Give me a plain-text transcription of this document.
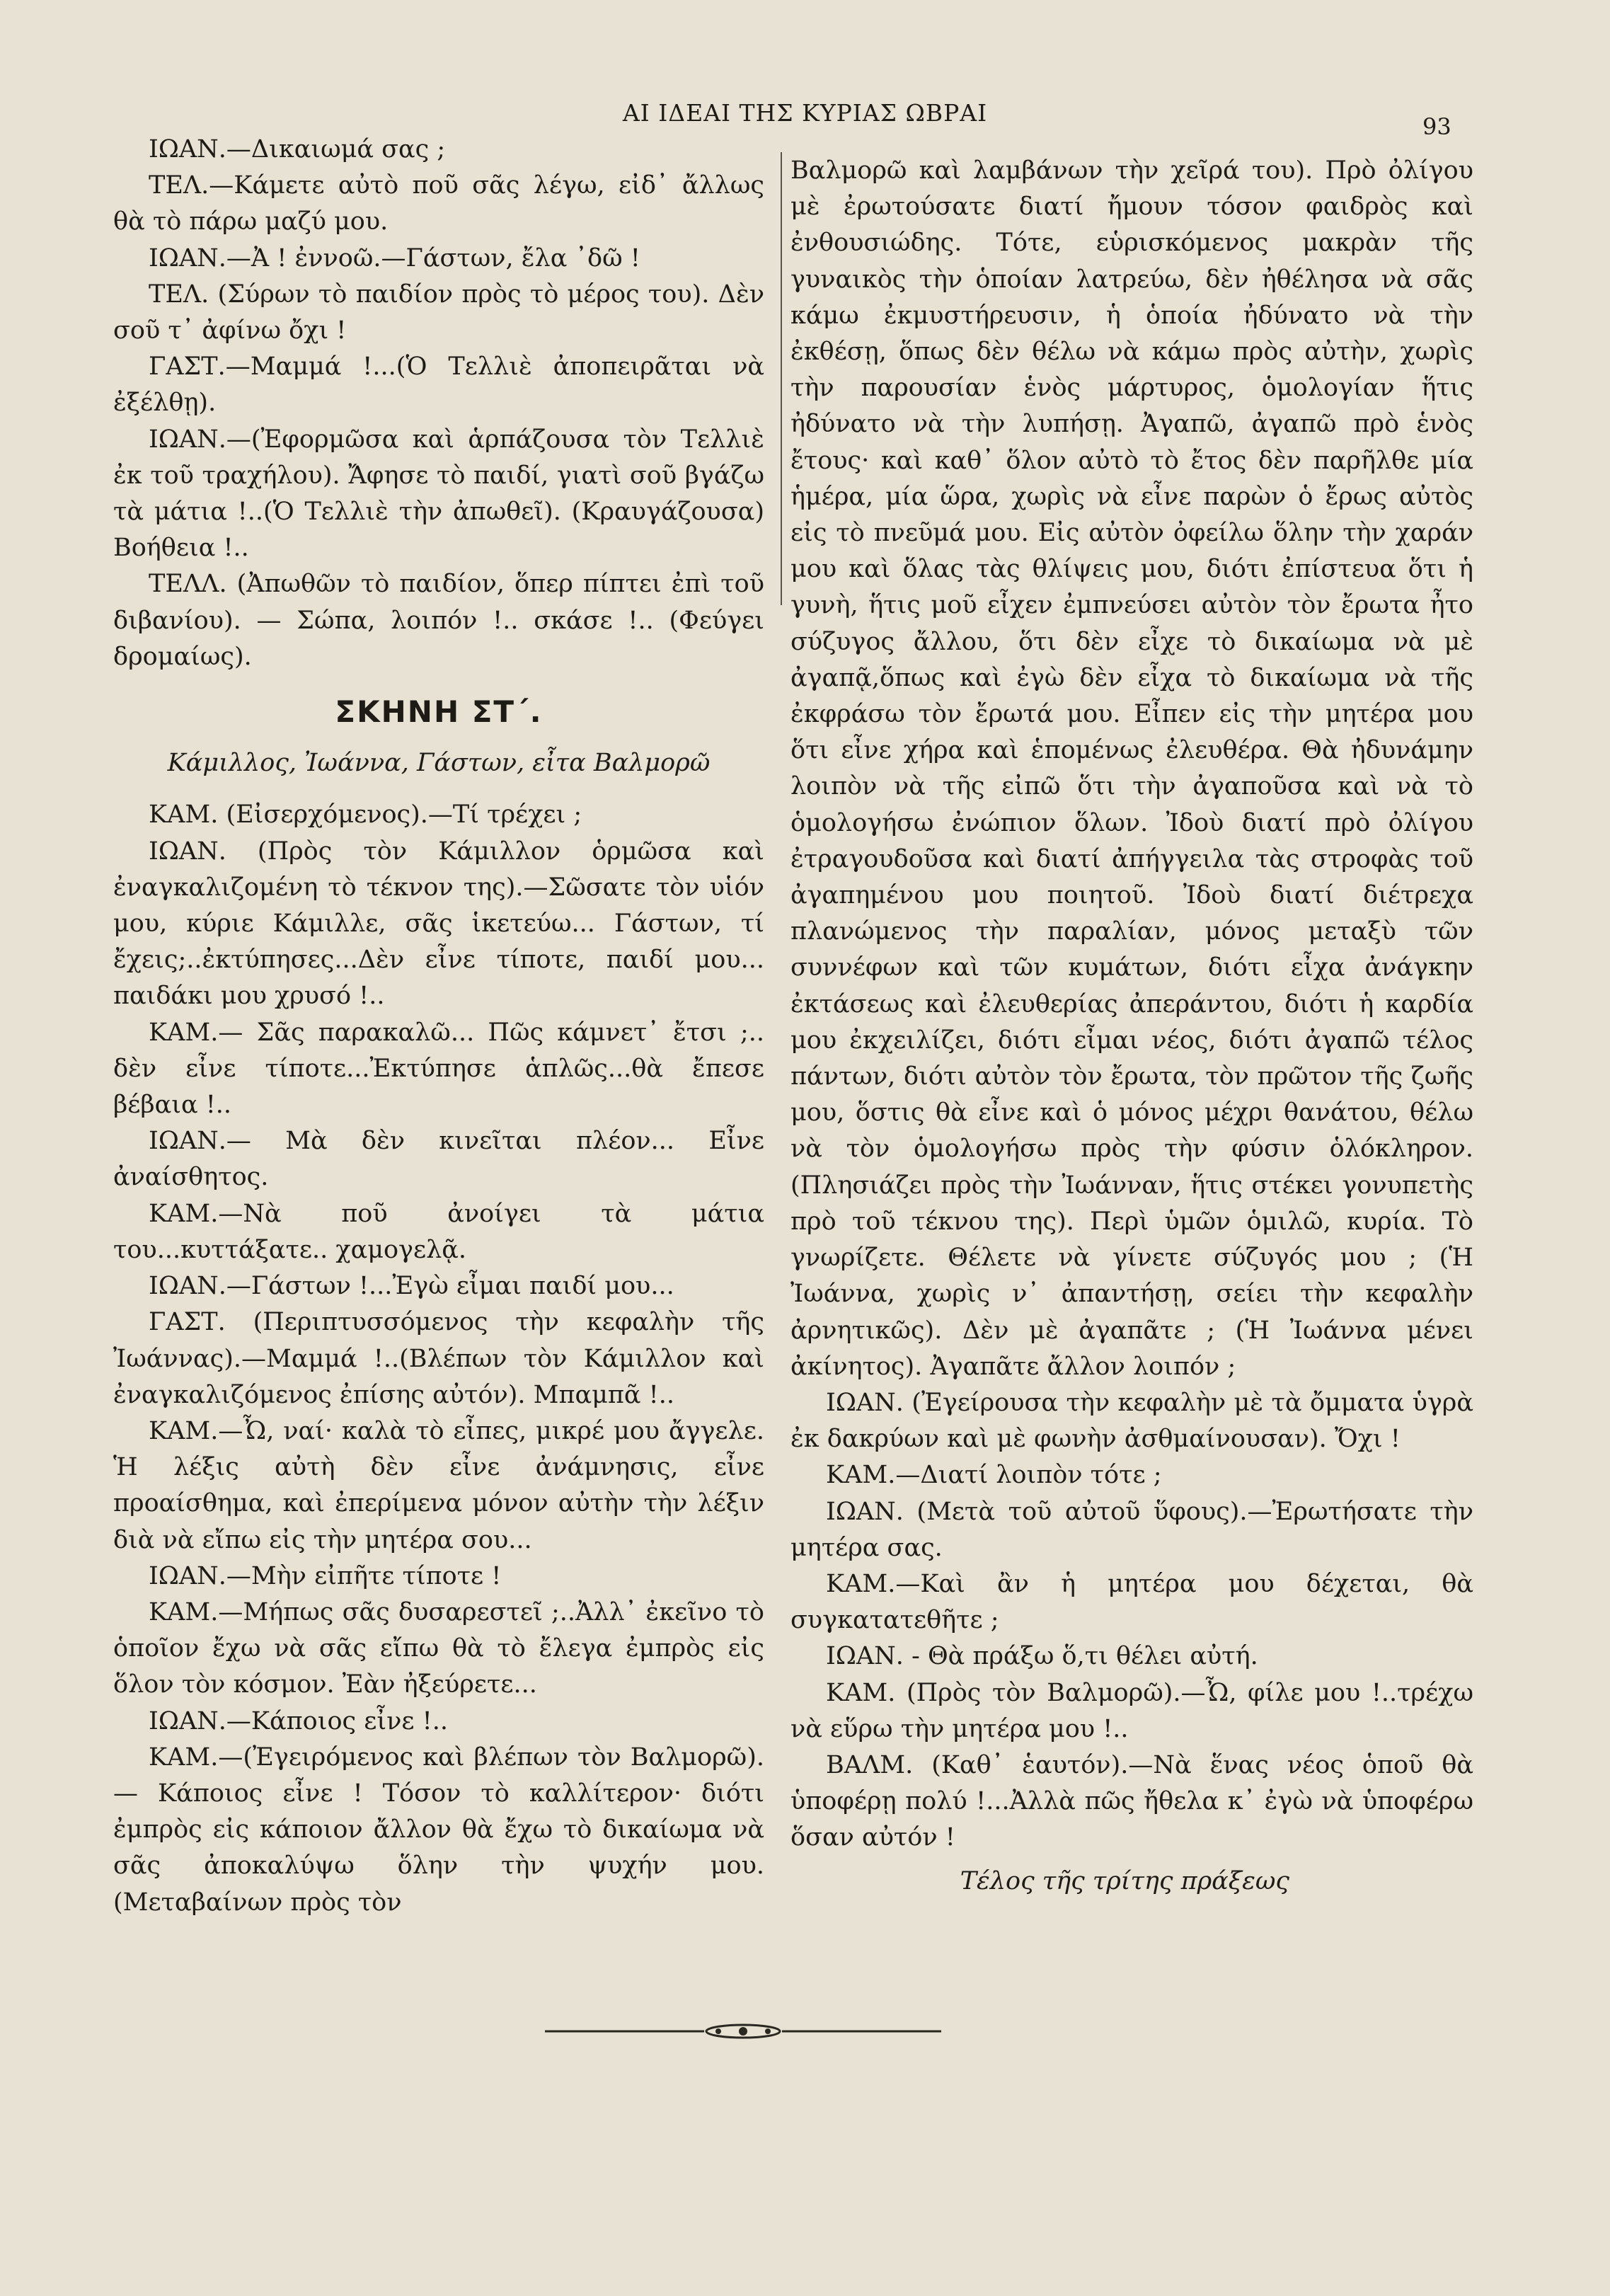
ΑΙ ΙΔΕΑΙ ΤΗΣ ΚΥΡΙΑΣ ΩΒΡΑΙ	93

ΙΩΑΝ.—Δικαιωμά σας ;

ΤΕΛ.—Κάμετε αὐτὸ ποῦ σᾶς λέγω, εἰδ᾽ ἄλλως θὰ τὸ πάρω μαζύ μου.

ΙΩΑΝ.—Ἀ ! ἐννοῶ.—Γάστων, ἔλα ᾽δῶ !

ΤΕΛ. (Σύρων τὸ παιδίον πρὸς τὸ μέρος του). Δὲν σοῦ τ᾽ ἀφίνω ὄχι !

ΓΑΣΤ.—Μαμμά !...(Ὁ Τελλιὲ ἀποπειρᾶται νὰ ἐξέλθῃ).

ΙΩΑΝ.—(Ἐφορμῶσα καὶ ἁρπάζουσα τὸν Τελλιὲ ἐκ τοῦ τραχήλου). Ἄφησε τὸ παιδί, γιατὶ σοῦ βγάζω τὰ μάτια !..(Ὁ Τελλιὲ τὴν ἀπωθεῖ). (Κραυγάζουσα) Βοήθεια !..

ΤΕΛΛ. (Ἀπωθῶν τὸ παιδίον, ὅπερ πίπτει ἐπὶ τοῦ διβανίου). — Σώπα, λοιπόν !.. σκάσε !.. (Φεύγει δρομαίως).

ΣΚΗΝΗ ΣΤ΄.
Κάμιλλος, Ἰωάννα, Γάστων, εἶτα Βαλμορῶ

ΚΑΜ. (Εἰσερχόμενος).—Τί τρέχει ;

ΙΩΑΝ. (Πρὸς τὸν Κάμιλλον ὁρμῶσα καὶ ἐναγκαλιζομένη τὸ τέκνον της).—Σῶσατε τὸν υἱόν μου, κύριε Κάμιλλε, σᾶς ἱκετεύω... Γάστων, τί ἔχεις;..ἐκτύπησες...Δὲν εἶνε τίποτε, παιδί μου... παιδάκι μου χρυσό !..

ΚΑΜ.— Σᾶς παρακαλῶ... Πῶς κάμνετ᾽ ἔτσι ;.. δὲν εἶνε τίποτε...Ἐκτύπησε ἁπλῶς...θὰ ἔπεσε βέβαια !..

ΙΩΑΝ.— Μὰ δὲν κινεῖται πλέον... Εἶνε ἀναίσθητος.

ΚΑΜ.—Νὰ ποῦ ἀνοίγει τὰ μάτια του...κυττάξατε.. χαμογελᾷ.

ΙΩΑΝ.—Γάστων !...Ἐγὼ εἶμαι παιδί μου...

ΓΑΣΤ. (Περιπτυσσόμενος τὴν κεφαλὴν τῆς Ἰωάννας).—Μαμμά !..(Βλέπων τὸν Κάμιλλον καὶ ἐναγκαλιζόμενος ἐπίσης αὐτόν). Μπαμπᾶ !..

ΚΑΜ.—Ὦ, ναί· καλὰ τὸ εἶπες, μικρέ μου ἄγγελε. Ἡ λέξις αὐτὴ δὲν εἶνε ἀνάμνησις, εἶνε προαίσθημα, καὶ ἐπερίμενα μόνον αὐτὴν τὴν λέξιν διὰ νὰ εἴπω εἰς τὴν μητέρα σου...

ΙΩΑΝ.—Μὴν εἰπῆτε τίποτε !

ΚΑΜ.—Μήπως σᾶς δυσαρεστεῖ ;..Ἀλλ᾽ ἐκεῖνο τὸ ὁποῖον ἔχω νὰ σᾶς εἴπω θὰ τὸ ἔλεγα ἐμπρὸς εἰς ὅλον τὸν κόσμον. Ἐὰν ἠξεύρετε...

ΙΩΑΝ.—Κάποιος εἶνε !..

ΚΑΜ.—(Ἐγειρόμενος καὶ βλέπων τὸν Βαλμορῶ).— Κάποιος εἶνε ! Τόσον τὸ καλλίτερον· διότι ἐμπρὸς εἰς κάποιον ἄλλον θὰ ἔχω τὸ δικαίωμα νὰ σᾶς ἀποκαλύψω ὅλην τὴν ψυχήν μου. (Μεταβαίνων πρὸς τὸν

Βαλμορῶ καὶ λαμβάνων τὴν χεῖρά του). Πρὸ ὀλίγου μὲ ἐρωτούσατε διατί ἤμουν τόσον φαιδρὸς καὶ ἐνθουσιώδης. Τότε, εὑρισκόμενος μακρὰν τῆς γυναικὸς τὴν ὁποίαν λατρεύω, δὲν ἠθέλησα νὰ σᾶς κάμω ἐκμυστήρευσιν, ἡ ὁποία ἠδύνατο νὰ τὴν ἐκθέσῃ, ὅπως δὲν θέλω νὰ κάμω πρὸς αὐτὴν, χωρὶς τὴν παρουσίαν ἑνὸς μάρτυρος, ὁμολογίαν ἥτις ἠδύνατο νὰ τὴν λυπήσῃ. Ἀγαπῶ, ἀγαπῶ πρὸ ἑνὸς ἔτους· καὶ καθ᾽ ὅλον αὐτὸ τὸ ἔτος δὲν παρῆλθε μία ἡμέρα, μία ὥρα, χωρὶς νὰ εἶνε παρὼν ὁ ἔρως αὐτὸς εἰς τὸ πνεῦμά μου. Εἰς αὐτὸν ὀφείλω ὅλην τὴν χαράν μου καὶ ὅλας τὰς θλίψεις μου, διότι ἐπίστευα ὅτι ἡ γυνὴ, ἥτις μοῦ εἶχεν ἐμπνεύσει αὐτὸν τὸν ἔρωτα ἦτο σύζυγος ἄλλου, ὅτι δὲν εἶχε τὸ δικαίωμα νὰ μὲ ἀγαπᾷ,ὅπως καὶ ἐγὼ δὲν εἶχα τὸ δικαίωμα νὰ τῆς ἐκφράσω τὸν ἔρωτά μου. Εἶπεν εἰς τὴν μητέρα μου ὅτι εἶνε χήρα καὶ ἑπομένως ἐλευθέρα. Θὰ ἠδυνάμην λοιπὸν νὰ τῆς εἰπῶ ὅτι τὴν ἀγαποῦσα καὶ νὰ τὸ ὁμολογήσω ἐνώπιον ὅλων. Ἰδοὺ διατί πρὸ ὀλίγου ἐτραγουδοῦσα καὶ διατί ἀπήγγειλα τὰς στροφὰς τοῦ ἀγαπημένου μου ποιητοῦ. Ἰδοὺ διατί διέτρεχα πλανώμενος τὴν παραλίαν, μόνος μεταξὺ τῶν συννέφων καὶ τῶν κυμάτων, διότι εἶχα ἀνάγκην ἐκτάσεως καὶ ἐλευθερίας ἀπεράντου, διότι ἡ καρδία μου ἐκχειλίζει, διότι εἶμαι νέος, διότι ἀγαπῶ τέλος πάντων, διότι αὐτὸν τὸν ἔρωτα, τὸν πρῶτον τῆς ζωῆς μου, ὅστις θὰ εἶνε καὶ ὁ μόνος μέχρι θανάτου, θέλω νὰ τὸν ὁμολογήσω πρὸς τὴν φύσιν ὁλόκληρον. (Πλησιάζει πρὸς τὴν Ἰωάνναν, ἥτις στέκει γονυπετὴς πρὸ τοῦ τέκνου της). Περὶ ὑμῶν ὁμιλῶ, κυρία. Τὸ γνωρίζετε. Θέλετε νὰ γίνετε σύζυγός μου ; (Ἡ Ἰωάννα, χωρὶς ν᾽ ἀπαντήσῃ, σείει τὴν κεφαλὴν ἀρνητικῶς). Δὲν μὲ ἀγαπᾶτε ; (Ἡ Ἰωάννα μένει ἀκίνητος). Ἀγαπᾶτε ἄλλον λοιπόν ;

ΙΩΑΝ. (Ἐγείρουσα τὴν κεφαλὴν μὲ τὰ ὄμματα ὑγρὰ ἐκ δακρύων καὶ μὲ φωνὴν ἀσθμαίνουσαν). Ὄχι !

ΚΑΜ.—Διατί λοιπὸν τότε ;

ΙΩΑΝ. (Μετὰ τοῦ αὐτοῦ ὕφους).—Ἐρωτήσατε τὴν μητέρα σας.

ΚΑΜ.—Καὶ ἂν ἡ μητέρα μου δέχεται, θὰ συγκατατεθῆτε ;

ΙΩΑΝ. - Θὰ πράξω ὅ,τι θέλει αὐτή.

ΚΑΜ. (Πρὸς τὸν Βαλμορῶ).—Ὦ, φίλε μου !..τρέχω νὰ εὕρω τὴν μητέρα μου !..

ΒΑΛΜ. (Καθ᾽ ἑαυτόν).—Νὰ ἕνας νέος ὁποῦ θὰ ὑποφέρῃ πολύ !...Ἀλλὰ πῶς ἤθελα κ᾽ ἐγὼ νὰ ὑποφέρω ὅσαν αὐτόν !

Τέλος τῆς τρίτης πράξεως
